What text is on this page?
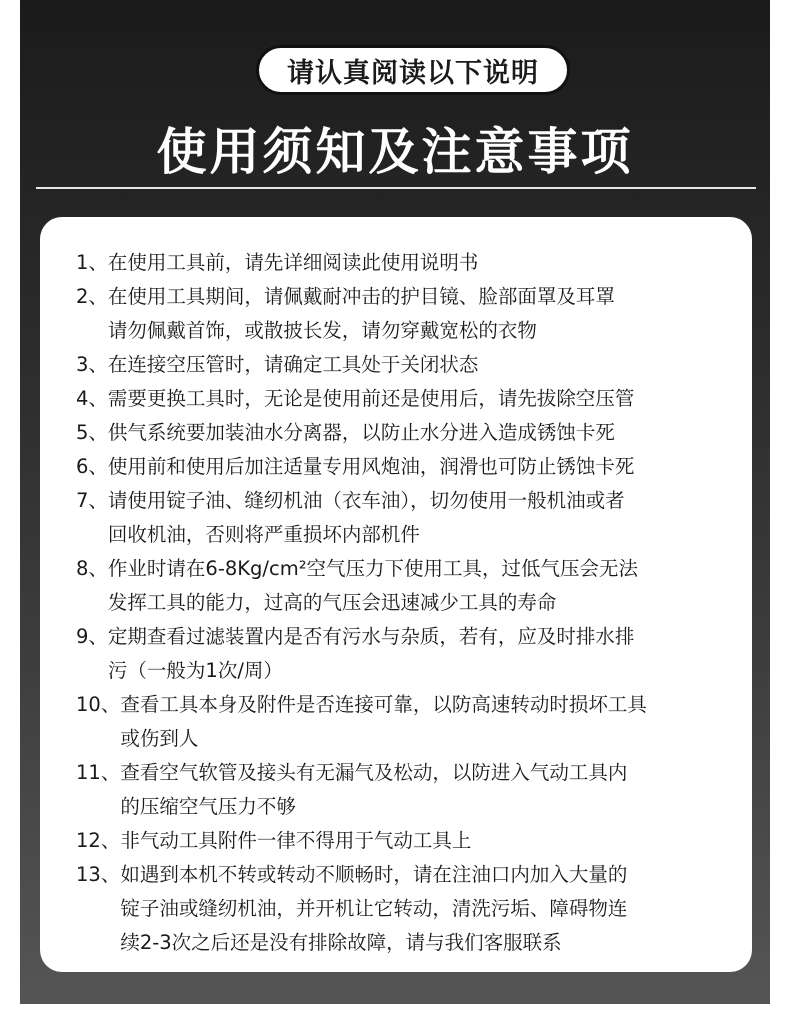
请认真阅读以下说明
使用须知及注意事项
1、 在使用工具前，请先详细阅读此使用说明书
2、 在使用工具期间，请佩戴耐冲击的护目镜、脸部面罩及耳罩
请勿佩戴首饰，或散披长发，请勿穿戴宽松的衣物
3、 在连接空压管时，请确定工具处于关闭状态
4、 需要更换工具时，无论是使用前还是使用后，请先拔除空压管
5、 供气系统要加装油水分离器，以防止水分进入造成锈蚀卡死
6、 使用前和使用后加注适量专用风炮油，润滑也可防止锈蚀卡死
7、 请使用锭子油、缝纫机油（衣车油），切勿使用一般机油或者
回收机油，否则将严重损坏内部机件
8、 作业时请在6-8Kg/cm²空气压力下使用工具，过低气压会无法
发挥工具的能力，过高的气压会迅速减少工具的寿命
9、 定期查看过滤装置内是否有污水与杂质，若有，应及时排水排
污（一般为1次/周）
10、 查看工具本身及附件是否连接可靠，以防高速转动时损坏工具
或伤到人
11、 查看空气软管及接头有无漏气及松动，以防进入气动工具内
的压缩空气压力不够
12、 非气动工具附件一律不得用于气动工具上
13、 如遇到本机不转或转动不顺畅时，请在注油口内加入大量的
锭子油或缝纫机油，并开机让它转动，清洗污垢、障碍物连
续2-3次之后还是没有排除故障，请与我们客服联系
